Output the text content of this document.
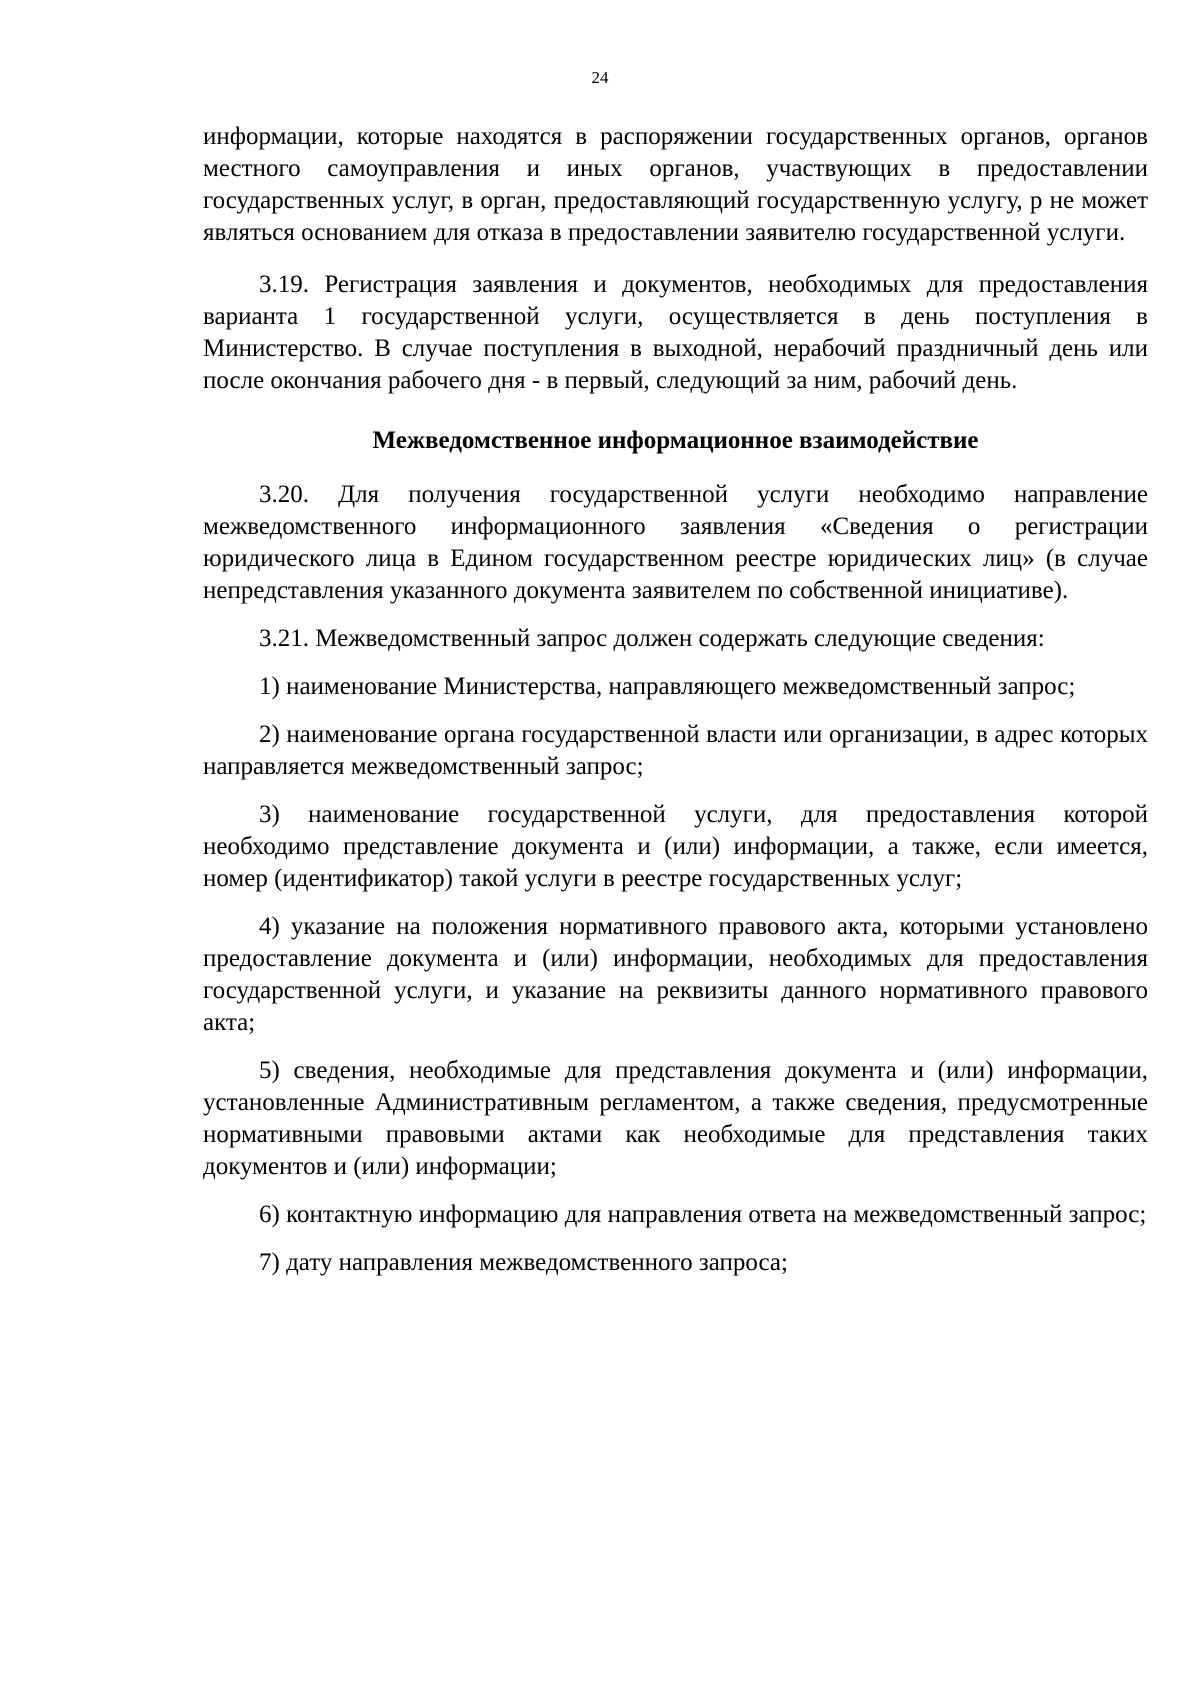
24

информации, которые находятся в распоряжении государственных органов, органов местного самоуправления и иных органов, участвующих в предоставлении государственных услуг, в орган, предоставляющий государственную услугу, р не может являться основанием для отказа в предоставлении заявителю государственной услуги.

3.19. Регистрация заявления и документов, необходимых для предоставления варианта 1 государственной услуги, осуществляется в день поступления в Министерство. В случае поступления в выходной, нерабочий праздничный день или после окончания рабочего дня - в первый, следующий за ним, рабочий день.

Межведомственное информационное взаимодействие

3.20. Для получения государственной услуги необходимо направление межведомственного информационного заявления «Сведения о регистрации юридического лица в Едином государственном реестре юридических лиц» (в случае непредставления указанного документа заявителем по собственной инициативе).

3.21. Межведомственный запрос должен содержать следующие сведения:

1) наименование Министерства, направляющего межведомственный запрос;

2) наименование органа государственной власти или организации, в адрес которых направляется межведомственный запрос;

3) наименование государственной услуги, для предоставления которой необходимо представление документа и (или) информации, а также, если имеется, номер (идентификатор) такой услуги в реестре государственных услуг;

4) указание на положения нормативного правового акта, которыми установлено предоставление документа и (или) информации, необходимых для предоставления государственной услуги, и указание на реквизиты данного нормативного правового акта;

5) сведения, необходимые для представления документа и (или) информации, установленные Административным регламентом, а также сведения, предусмотренные нормативными правовыми актами как необходимые для представления таких документов и (или) информации;

6) контактную информацию для направления ответа на межведомственный запрос;

7) дату направления межведомственного запроса;
